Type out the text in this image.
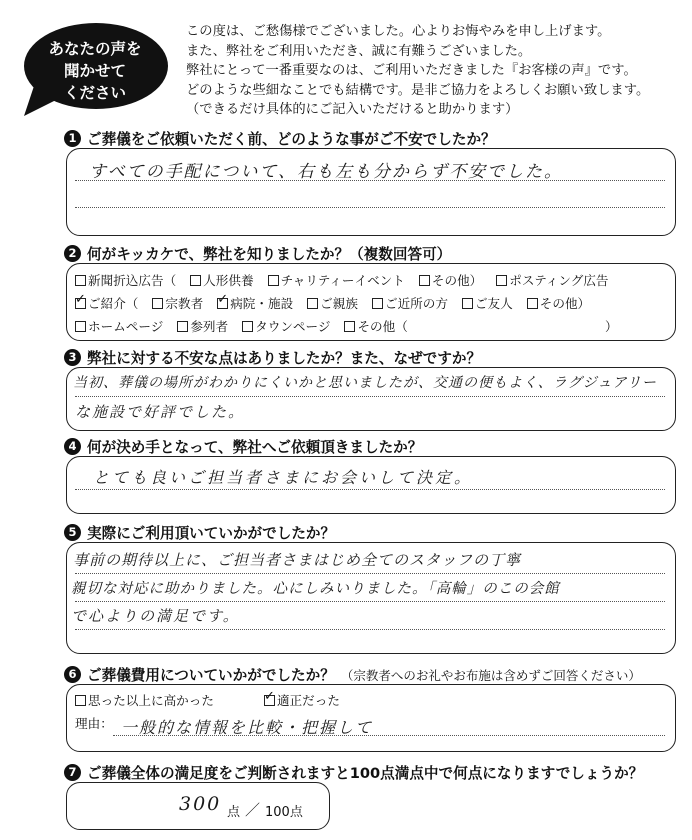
あなたの声を
聞かせて
ください
この度は、ご愁傷様でございました。心よりお悔やみを申し上げます。
また、弊社をご利用いただき、誠に有難うございました。
弊社にとって一番重要なのは、ご利用いただきました『お客様の声』です。
どのような些細なことでも結構です。是非ご協力をよろしくお願い致します。
（できるだけ具体的にご記入いただけると助かります）
1 ご葬儀をご依頼いただく前、どのような事がご不安でしたか？
すべての手配について、右も左も分からず不安でした。
2 何がキッカケで、弊社を知りましたか？（複数回答可）
新聞折込広告（ 人形供養 チャリティーイベント その他） ポスティング広告
✓ご紹介（ 宗教者 ✓ 病院・施設 ご親族 ご近所の方 ご友人 その他）
ホームページ 参列者 タウンページ その他（	）
3 弊社に対する不安な点はありましたか？また、なぜですか？
当初、葬儀の場所がわかりにくいかと思いましたが、交通の便もよく、ラグジュアリー
な施設で好評でした。
4 何が決め手となって、弊社へご依頼頂きましたか？
とても良いご担当者さまにお会いして決定。
5 実際にご利用頂いていかがでしたか？
事前の期待以上に、ご担当者さまはじめ全てのスタッフの丁寧
親切な対応に助かりました。心にしみいりました。「高輪」のこの会館
で心よりの満足です。
6 ご葬儀費用についていかがでしたか？ （宗教者へのお礼やお布施は含めずご回答ください）
思った以上に高かった ✓	適正だった
理由： 一般的な情報を比較・把握して
7 ご葬儀全体の満足度をご判断されますと100点満点中で何点になりますでしょうか？
300 点 ／ 100点
